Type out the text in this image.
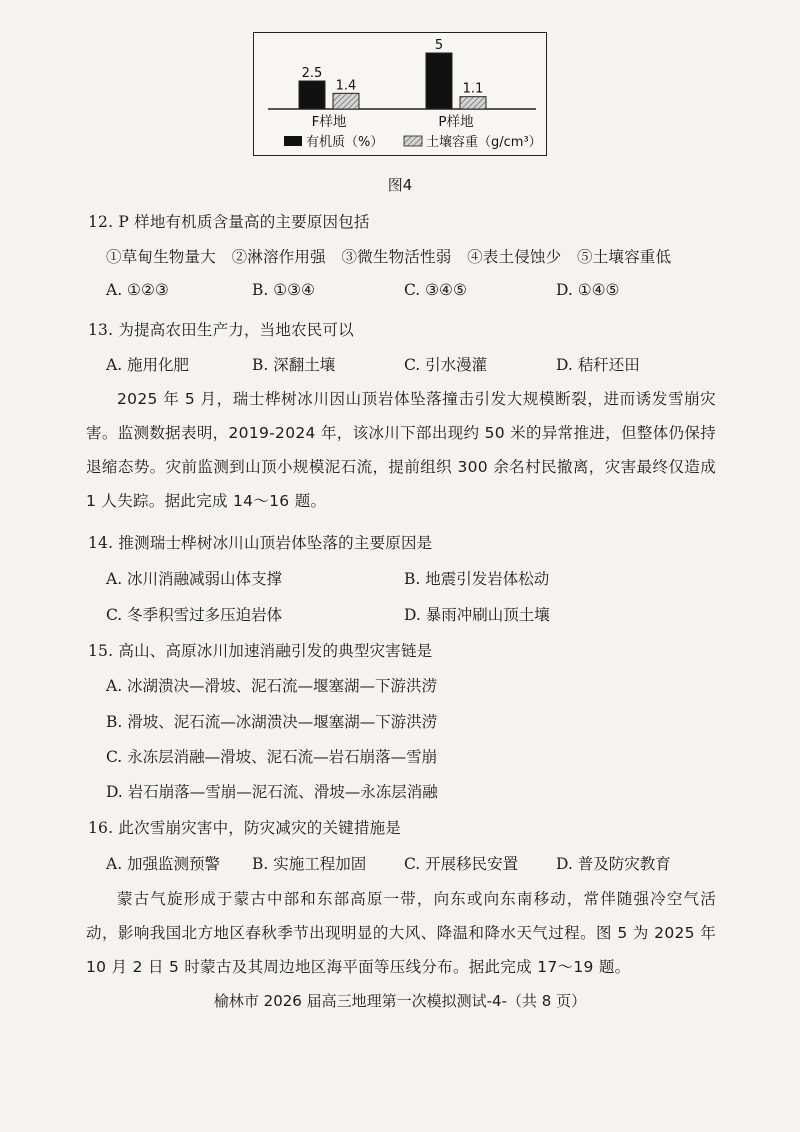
2.5
1.4
F样地
5
1.1
P样地
有机质（%）	土壤容重（g/cm³）
图4
12. P 样地有机质含量高的主要原因包括
①草甸生物量大　②淋溶作用强　③微生物活性弱　④表土侵蚀少　⑤土壤容重低
A. ①②③	B. ①③④	C. ③④⑤	D. ①④⑤
13. 为提高农田生产力，当地农民可以
A. 施用化肥	B. 深翻土壤	C. 引水漫灌	D. 秸秆还田
2025 年 5 月，瑞士桦树冰川因山顶岩体坠落撞击引发大规模断裂，进而诱发雪崩灾害。监测数据表明，2019-2024 年，该冰川下部出现约 50 米的异常推进，但整体仍保持退缩态势。灾前监测到山顶小规模泥石流，提前组织 300 余名村民撤离，灾害最终仅造成 1 人失踪。据此完成 14～16 题。
14. 推测瑞士桦树冰川山顶岩体坠落的主要原因是
A. 冰川消融减弱山体支撑	B. 地震引发岩体松动
C. 冬季积雪过多压迫岩体	D. 暴雨冲刷山顶土壤
15. 高山、高原冰川加速消融引发的典型灾害链是
A. 冰湖溃决—滑坡、泥石流—堰塞湖—下游洪涝
B. 滑坡、泥石流—冰湖溃决—堰塞湖—下游洪涝
C. 永冻层消融—滑坡、泥石流—岩石崩落—雪崩
D. 岩石崩落—雪崩—泥石流、滑坡—永冻层消融
16. 此次雪崩灾害中，防灾减灾的关键措施是
A. 加强监测预警 B. 实施工程加固 C. 开展移民安置 D. 普及防灾教育
蒙古气旋形成于蒙古中部和东部高原一带，向东或向东南移动，常伴随强冷空气活动，影响我国北方地区春秋季节出现明显的大风、降温和降水天气过程。图 5 为 2025 年 10 月 2 日 5 时蒙古及其周边地区海平面等压线分布。据此完成 17～19 题。
榆林市 2026 届高三地理第一次模拟测试-4-（共 8 页）
